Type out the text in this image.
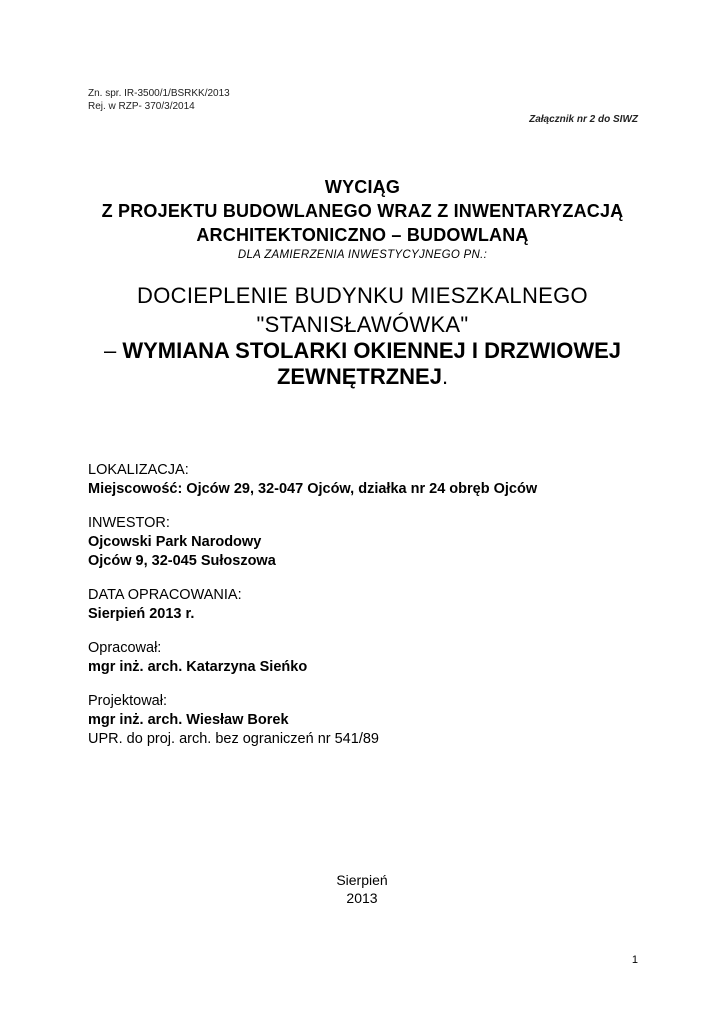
Zn. spr. IR-3500/1/BSRKK/2013
Rej. w RZP- 370/3/2014
Załącznik nr 2 do SIWZ
WYCIĄG
Z PROJEKTU BUDOWLANEGO WRAZ Z INWENTARYZACJĄ
ARCHITEKTONICZNO – BUDOWLANĄ
DLA ZAMIERZENIA INWESTYCYJNEGO PN.:
DOCIEPLENIE BUDYNKU MIESZKALNEGO
"STANISŁAWÓWKA"
– WYMIANA STOLARKI OKIENNEJ I DRZWIOWEJ
ZEWNĘTRZNEJ.
LOKALIZACJA:
Miejscowość: Ojców 29, 32-047 Ojców, działka nr 24 obręb Ojców
INWESTOR:
Ojcowski Park Narodowy
Ojców 9, 32-045 Sułoszowa
DATA OPRACOWANIA:
Sierpień 2013 r.
Opracował:
mgr inż. arch. Katarzyna Sieńko
Projektował:
mgr inż. arch. Wiesław Borek
UPR. do proj. arch. bez ograniczeń nr 541/89
Sierpień
2013
1
